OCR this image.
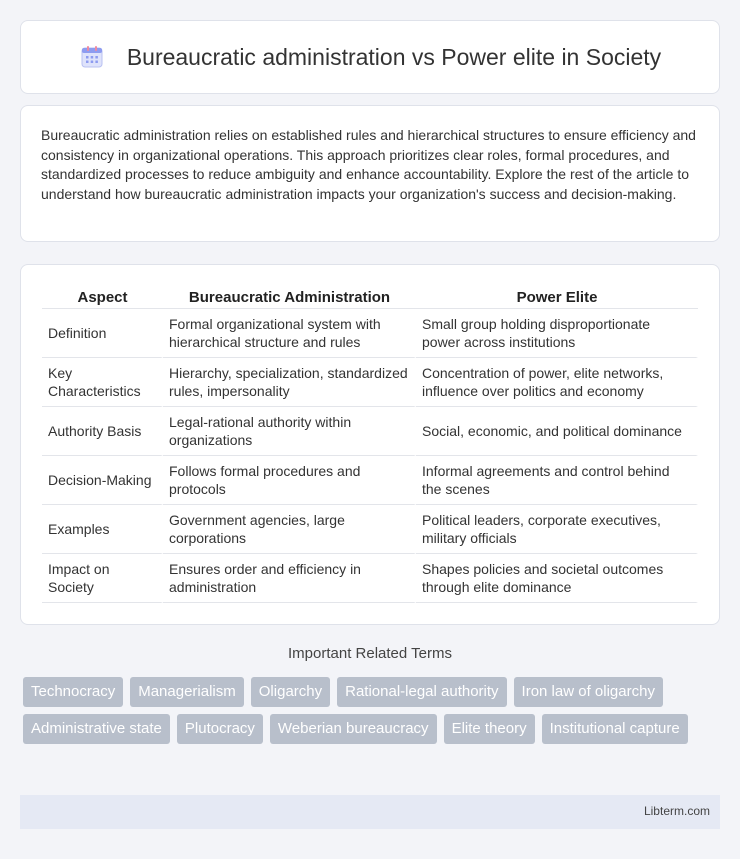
Bureaucratic administration vs Power elite in Society

Bureaucratic administration relies on established rules and hierarchical structures to ensure efficiency and consistency in organizational operations. This approach prioritizes clear roles, formal procedures, and standardized processes to reduce ambiguity and enhance accountability. Explore the rest of the article to understand how bureaucratic administration impacts your organization's success and decision-making.

Aspect	Bureaucratic Administration	Power Elite
Definition	Formal organizational system with hierarchical structure and rules	Small group holding disproportionate power across institutions
Key Characteristics	Hierarchy, specialization, standardized rules, impersonality	Concentration of power, elite networks, influence over politics and economy
Authority Basis	Legal-rational authority within organizations	Social, economic, and political dominance
Decision-Making	Follows formal procedures and protocols	Informal agreements and control behind the scenes
Examples	Government agencies, large corporations	Political leaders, corporate executives, military officials
Impact on Society	Ensures order and efficiency in administration	Shapes policies and societal outcomes through elite dominance
Important Related Terms
Technocracy	Managerialism	Oligarchy	Rational-legal authority	Iron law of oligarchy
Administrative state	Plutocracy	Weberian bureaucracy	Elite theory	Institutional capture
Libterm.com
